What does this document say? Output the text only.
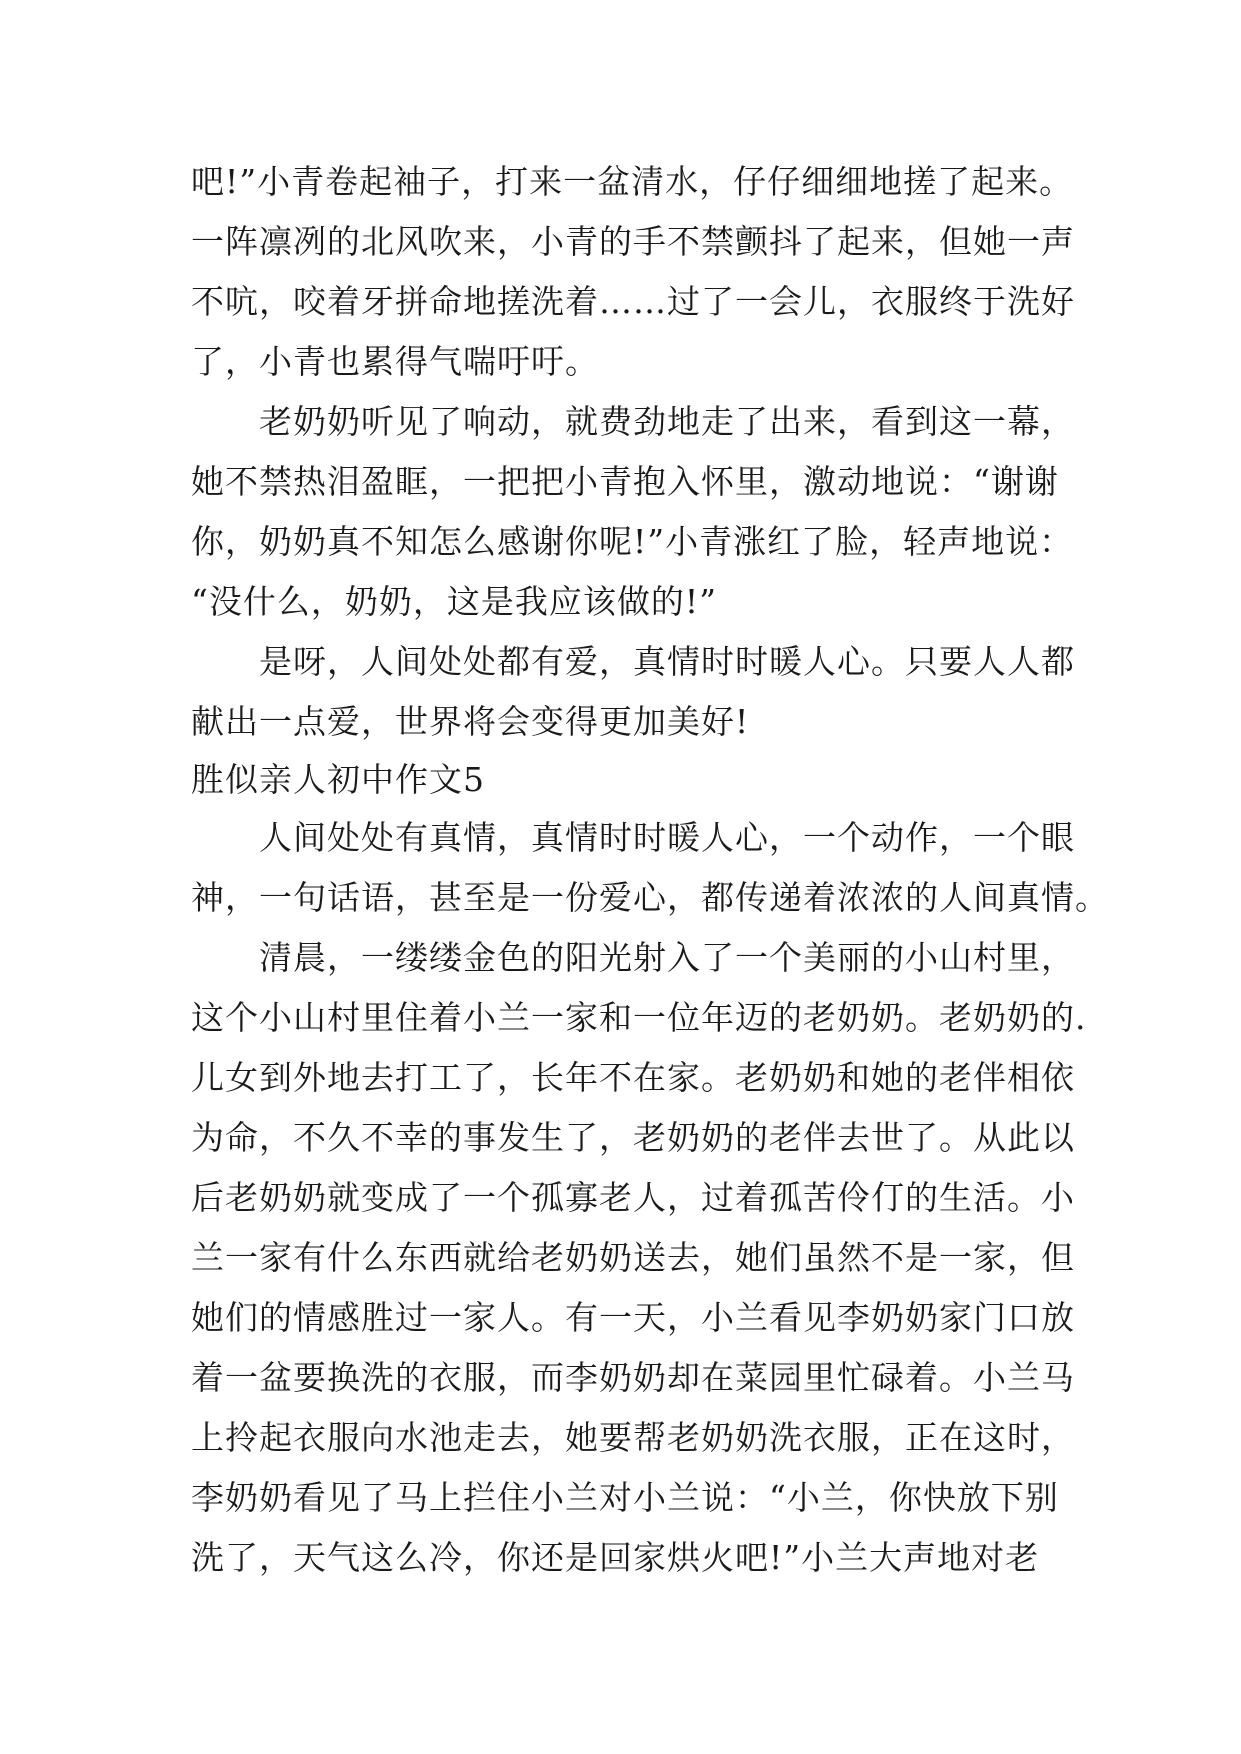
吧!”小青卷起袖子，打来一盆清水，仔仔细细地搓了起来。
一阵凛冽的北风吹来，小青的手不禁颤抖了起来，但她一声
不吭，咬着牙拼命地搓洗着……过了一会儿，衣服终于洗好
了，小青也累得气喘吁吁。
　　老奶奶听见了响动，就费劲地走了出来，看到这一幕，
她不禁热泪盈眶，一把把小青抱入怀里，激动地说：“谢谢
你，奶奶真不知怎么感谢你呢!”小青涨红了脸，轻声地说：
“没什么，奶奶，这是我应该做的!”
　　是呀，人间处处都有爱，真情时时暖人心。只要人人都
献出一点爱，世界将会变得更加美好!
胜似亲人初中作文5
　　人间处处有真情，真情时时暖人心，一个动作，一个眼
神，一句话语，甚至是一份爱心，都传递着浓浓的人间真情。
　　清晨，一缕缕金色的阳光射入了一个美丽的小山村里，
这个小山村里住着小兰一家和一位年迈的老奶奶。老奶奶的.
儿女到外地去打工了，长年不在家。老奶奶和她的老伴相依
为命，不久不幸的事发生了，老奶奶的老伴去世了。从此以
后老奶奶就变成了一个孤寡老人，过着孤苦伶仃的生活。小
兰一家有什么东西就给老奶奶送去，她们虽然不是一家，但
她们的情感胜过一家人。有一天，小兰看见李奶奶家门口放
着一盆要换洗的衣服，而李奶奶却在菜园里忙碌着。小兰马
上拎起衣服向水池走去，她要帮老奶奶洗衣服，正在这时，
李奶奶看见了马上拦住小兰对小兰说：“小兰，你快放下别
洗了，天气这么冷，你还是回家烘火吧!”小兰大声地对老
